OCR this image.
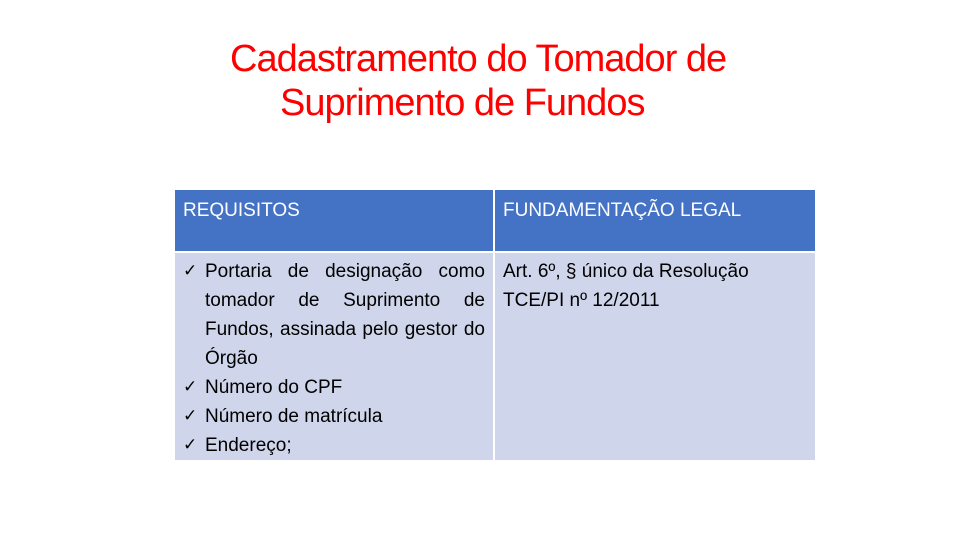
Cadastramento do Tomador de
Suprimento de Fundos
REQUISITOS	FUNDAMENTAÇÃO LEGAL
✓ Portaria de designação como tomador de Suprimento de Fundos, assinada pelo gestor do Órgão
✓ Número do CPF
✓ Número de matrícula
✓ Endereço;
Art. 6º, § único da Resolução TCE/PI nº 12/2011
